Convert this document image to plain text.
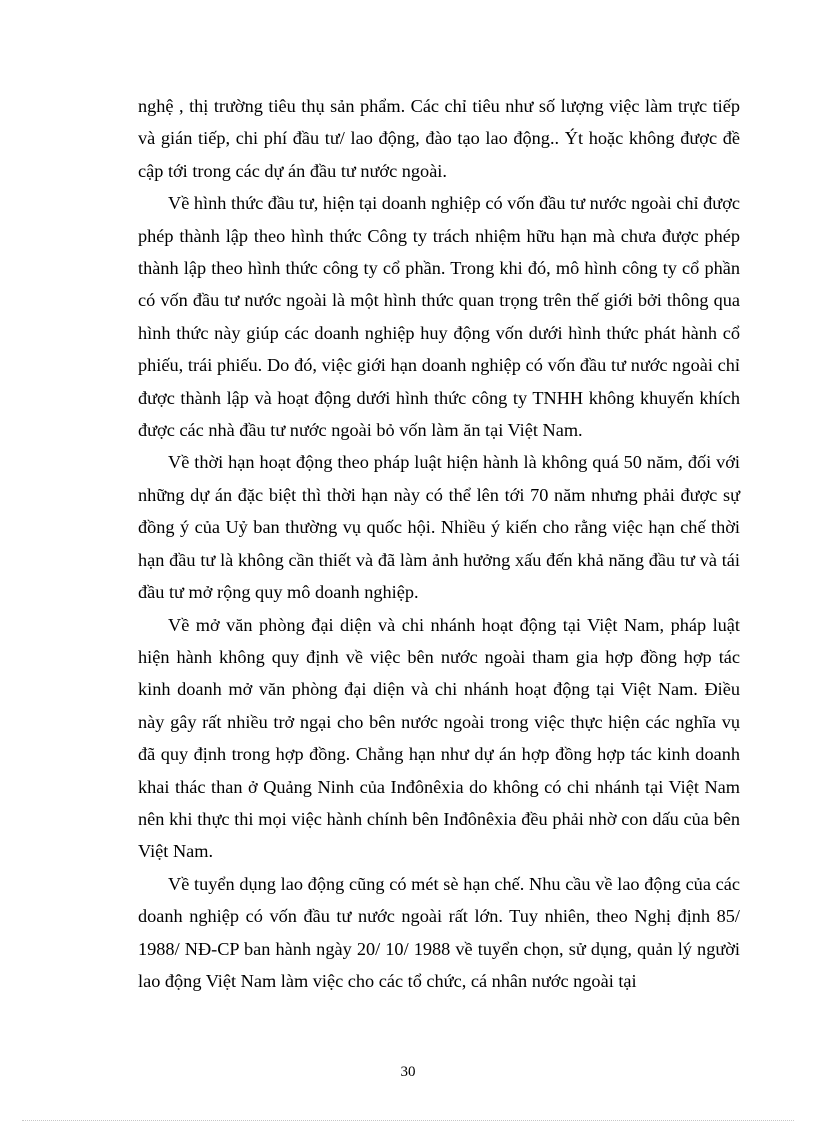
nghệ , thị trường tiêu thụ sản phẩm. Các chỉ tiêu như số lượng việc làm trực tiếp và gián tiếp, chi phí đầu tư/ lao động, đào tạo lao động.. Ýt hoặc không được đề cập tới trong các dự án đầu tư nước ngoài.

Về hình thức đầu tư, hiện tại doanh nghiệp có vốn đầu tư nước ngoài chỉ được phép thành lập theo hình thức Công ty trách nhiệm hữu hạn mà chưa được phép thành lập theo hình thức công ty cổ phần. Trong khi đó, mô hình công ty cổ phần có vốn đầu tư nước ngoài là một hình thức quan trọng trên thế giới bởi thông qua hình thức này giúp các doanh nghiệp huy động vốn dưới hình thức phát hành cổ phiếu, trái phiếu. Do đó, việc giới hạn doanh nghiệp có vốn đầu tư nước ngoài chỉ được thành lập và hoạt động dưới hình thức công ty TNHH không khuyến khích được các nhà đầu tư nước ngoài bỏ vốn làm ăn tại Việt Nam.

Về thời hạn hoạt động theo pháp luật hiện hành là không quá 50 năm, đối với những dự án đặc biệt thì thời hạn này có thể lên tới 70 năm nhưng phải được sự đồng ý của Uỷ ban thường vụ quốc hội. Nhiều ý kiến cho rằng việc hạn chế thời hạn đầu tư là không cần thiết và đã làm ảnh hưởng xấu đến khả năng đầu tư và tái đầu tư mở rộng quy mô doanh nghiệp.

Về mở văn phòng đại diện và chi nhánh hoạt động tại Việt Nam, pháp luật hiện hành không quy định về việc bên nước ngoài tham gia hợp đồng hợp tác kinh doanh mở văn phòng đại diện và chi nhánh hoạt động tại Việt Nam. Điều này gây rất nhiều trở ngại cho bên nước ngoài trong việc thực hiện các nghĩa vụ đã quy định trong hợp đồng. Chẳng hạn như dự án hợp đồng hợp tác kinh doanh khai thác than ở Quảng Ninh của Inđônêxia do không có chi nhánh tại Việt Nam nên khi thực thi mọi việc hành chính bên Inđônêxia đều phải nhờ con dấu của bên Việt Nam.

Về tuyển dụng lao động cũng có mét sè hạn chế. Nhu cầu về lao động của các doanh nghiệp có vốn đầu tư nước ngoài rất lớn. Tuy nhiên, theo Nghị định 85/ 1988/ NĐ-CP ban hành ngày 20/ 10/ 1988 về tuyển chọn, sử dụng, quản lý người lao động Việt Nam làm việc cho các tổ chức, cá nhân nước ngoài tại

30
